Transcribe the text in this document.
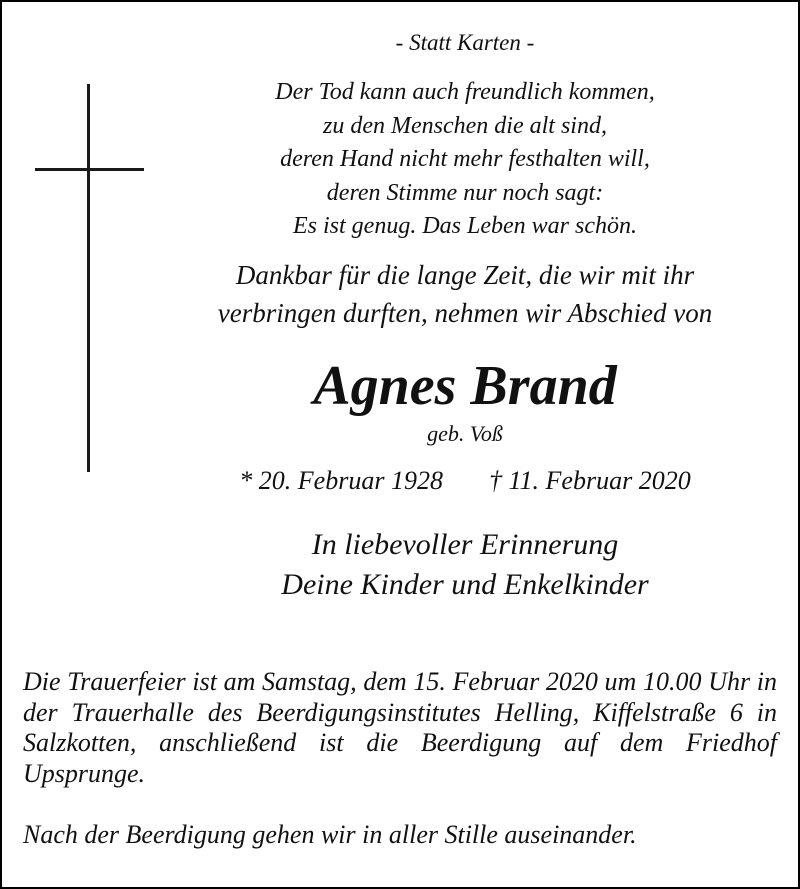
- Statt Karten -
Der Tod kann auch freundlich kommen,
zu den Menschen die alt sind,
deren Hand nicht mehr festhalten will,
deren Stimme nur noch sagt:
Es ist genug. Das Leben war schön.
Dankbar für die lange Zeit, die wir mit ihr
verbringen durften, nehmen wir Abschied von
Agnes Brand
geb. Voß
* 20. Februar 1928 † 11. Februar 2020
In liebevoller Erinnerung
Deine Kinder und Enkelkinder
Die Trauerfeier ist am Samstag, dem 15. Februar 2020 um 10.00 Uhr in der Trauerhalle des Beerdigungsinstitutes Helling, Kiffelstraße 6 in Salzkotten, anschließend ist die Beerdigung auf dem Friedhof Upsprunge.
Nach der Beerdigung gehen wir in aller Stille auseinander.
